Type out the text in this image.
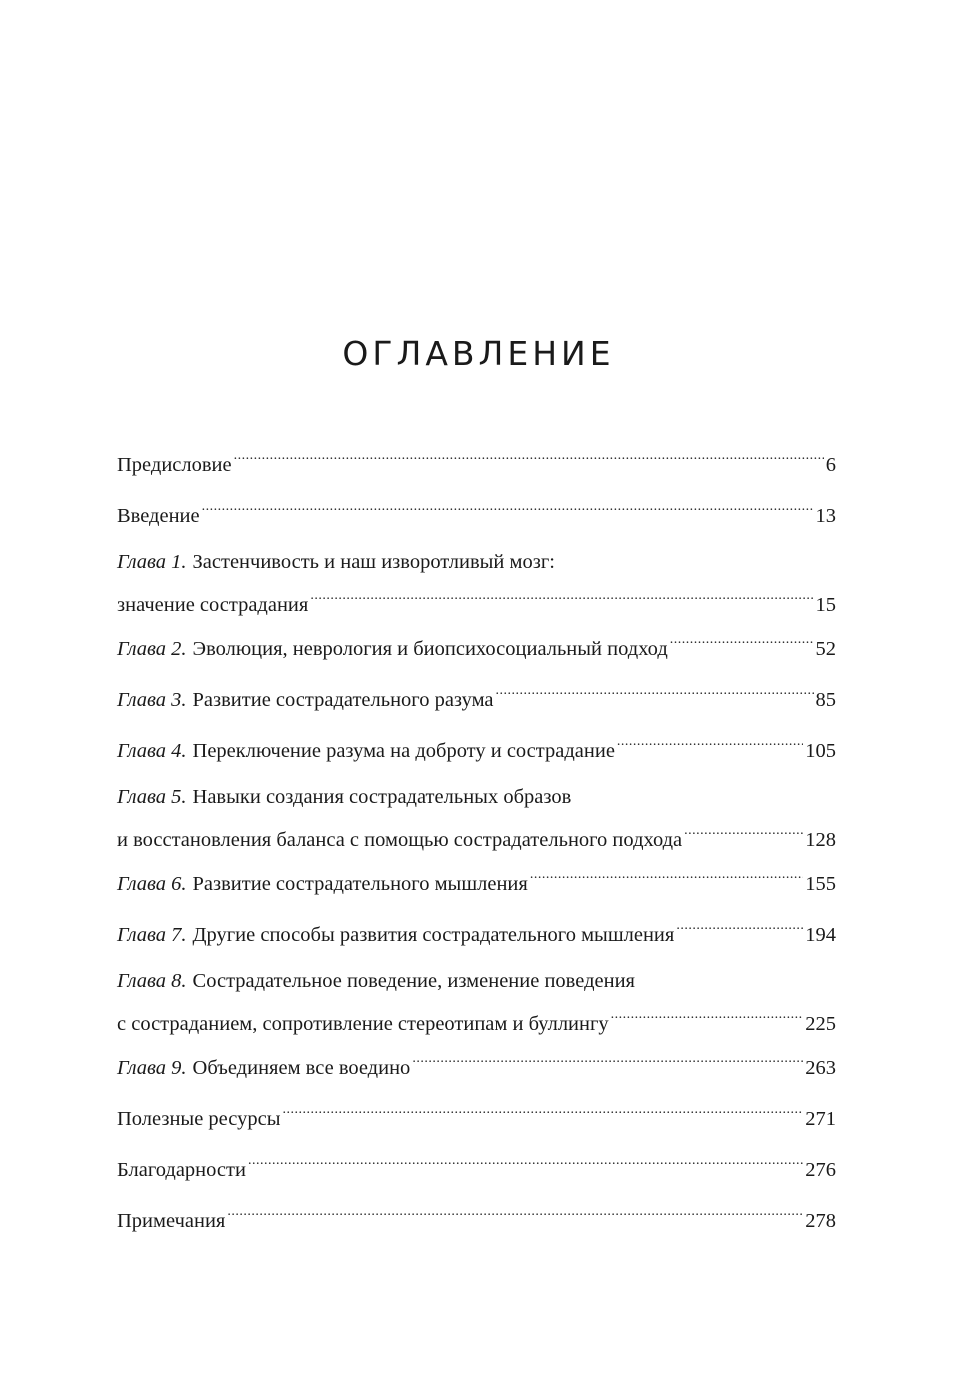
ОГЛАВЛЕНИЕ
Предисловие .....	6
Введение .....	13
Глава 1. Застенчивость и наш изворотливый мозг:
значение сострадания .....	15
Глава 2. Эволюция, неврология и биопсихосоциальный подход .....	52
Глава 3. Развитие сострадательного разума .....	85
Глава 4. Переключение разума на доброту и сострадание .....	105
Глава 5. Навыки создания сострадательных образов
и восстановления баланса с помощью сострадательного подхода .....	128
Глава 6. Развитие сострадательного мышления .....	155
Глава 7. Другие способы развития сострадательного мышления .....	194
Глава 8. Сострадательное поведение, изменение поведения
с состраданием, сопротивление стереотипам и буллингу .....	225
Глава 9. Объединяем все воедино .....	263
Полезные ресурсы .....	271
Благодарности .....	276
Примечания .....	278
